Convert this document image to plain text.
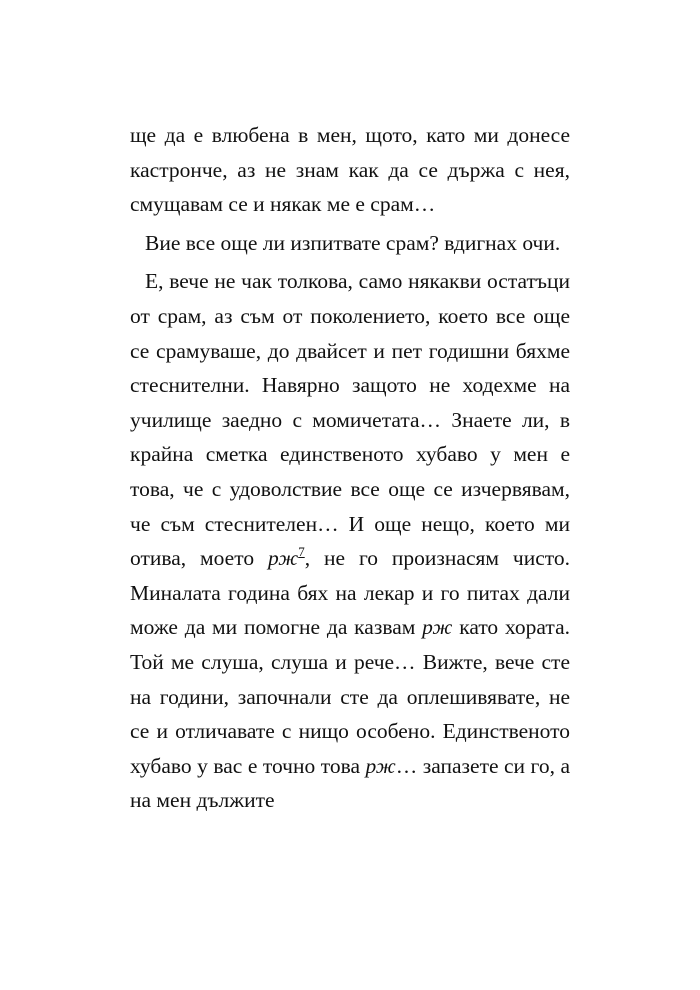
ще да е влюбена в мен, щото, като ми донесе кастронче, аз не знам как да се държа с нея, смущавам се и някак ме е срам…

Вие все още ли изпитвате срам? вдигнах очи.

Е, вече не чак толкова, само някакви остатъци от срам, аз съм от поколението, което все още се срамуваше, до двайсет и пет годишни бяхме стеснителни. Навярно защото не ходехме на училище заедно с момичетата… Знаете ли, в крайна сметка единственото хубаво у мен е това, че с удоволствие все още се изчервявам, че съм стеснителен… И още нещо, което ми отива, моето рж$^7$, не го произнасям чисто. Миналата година бях на лекар и го питах дали може да ми помогне да казвам рж като хората. Той ме слуша, слуша и рече… Вижте, вече сте на години, започнали сте да оплешивявате, не се и отличавате с нищо особено. Единственото хубаво у вас е точно това рж… запазете си го, а на мен дължите
